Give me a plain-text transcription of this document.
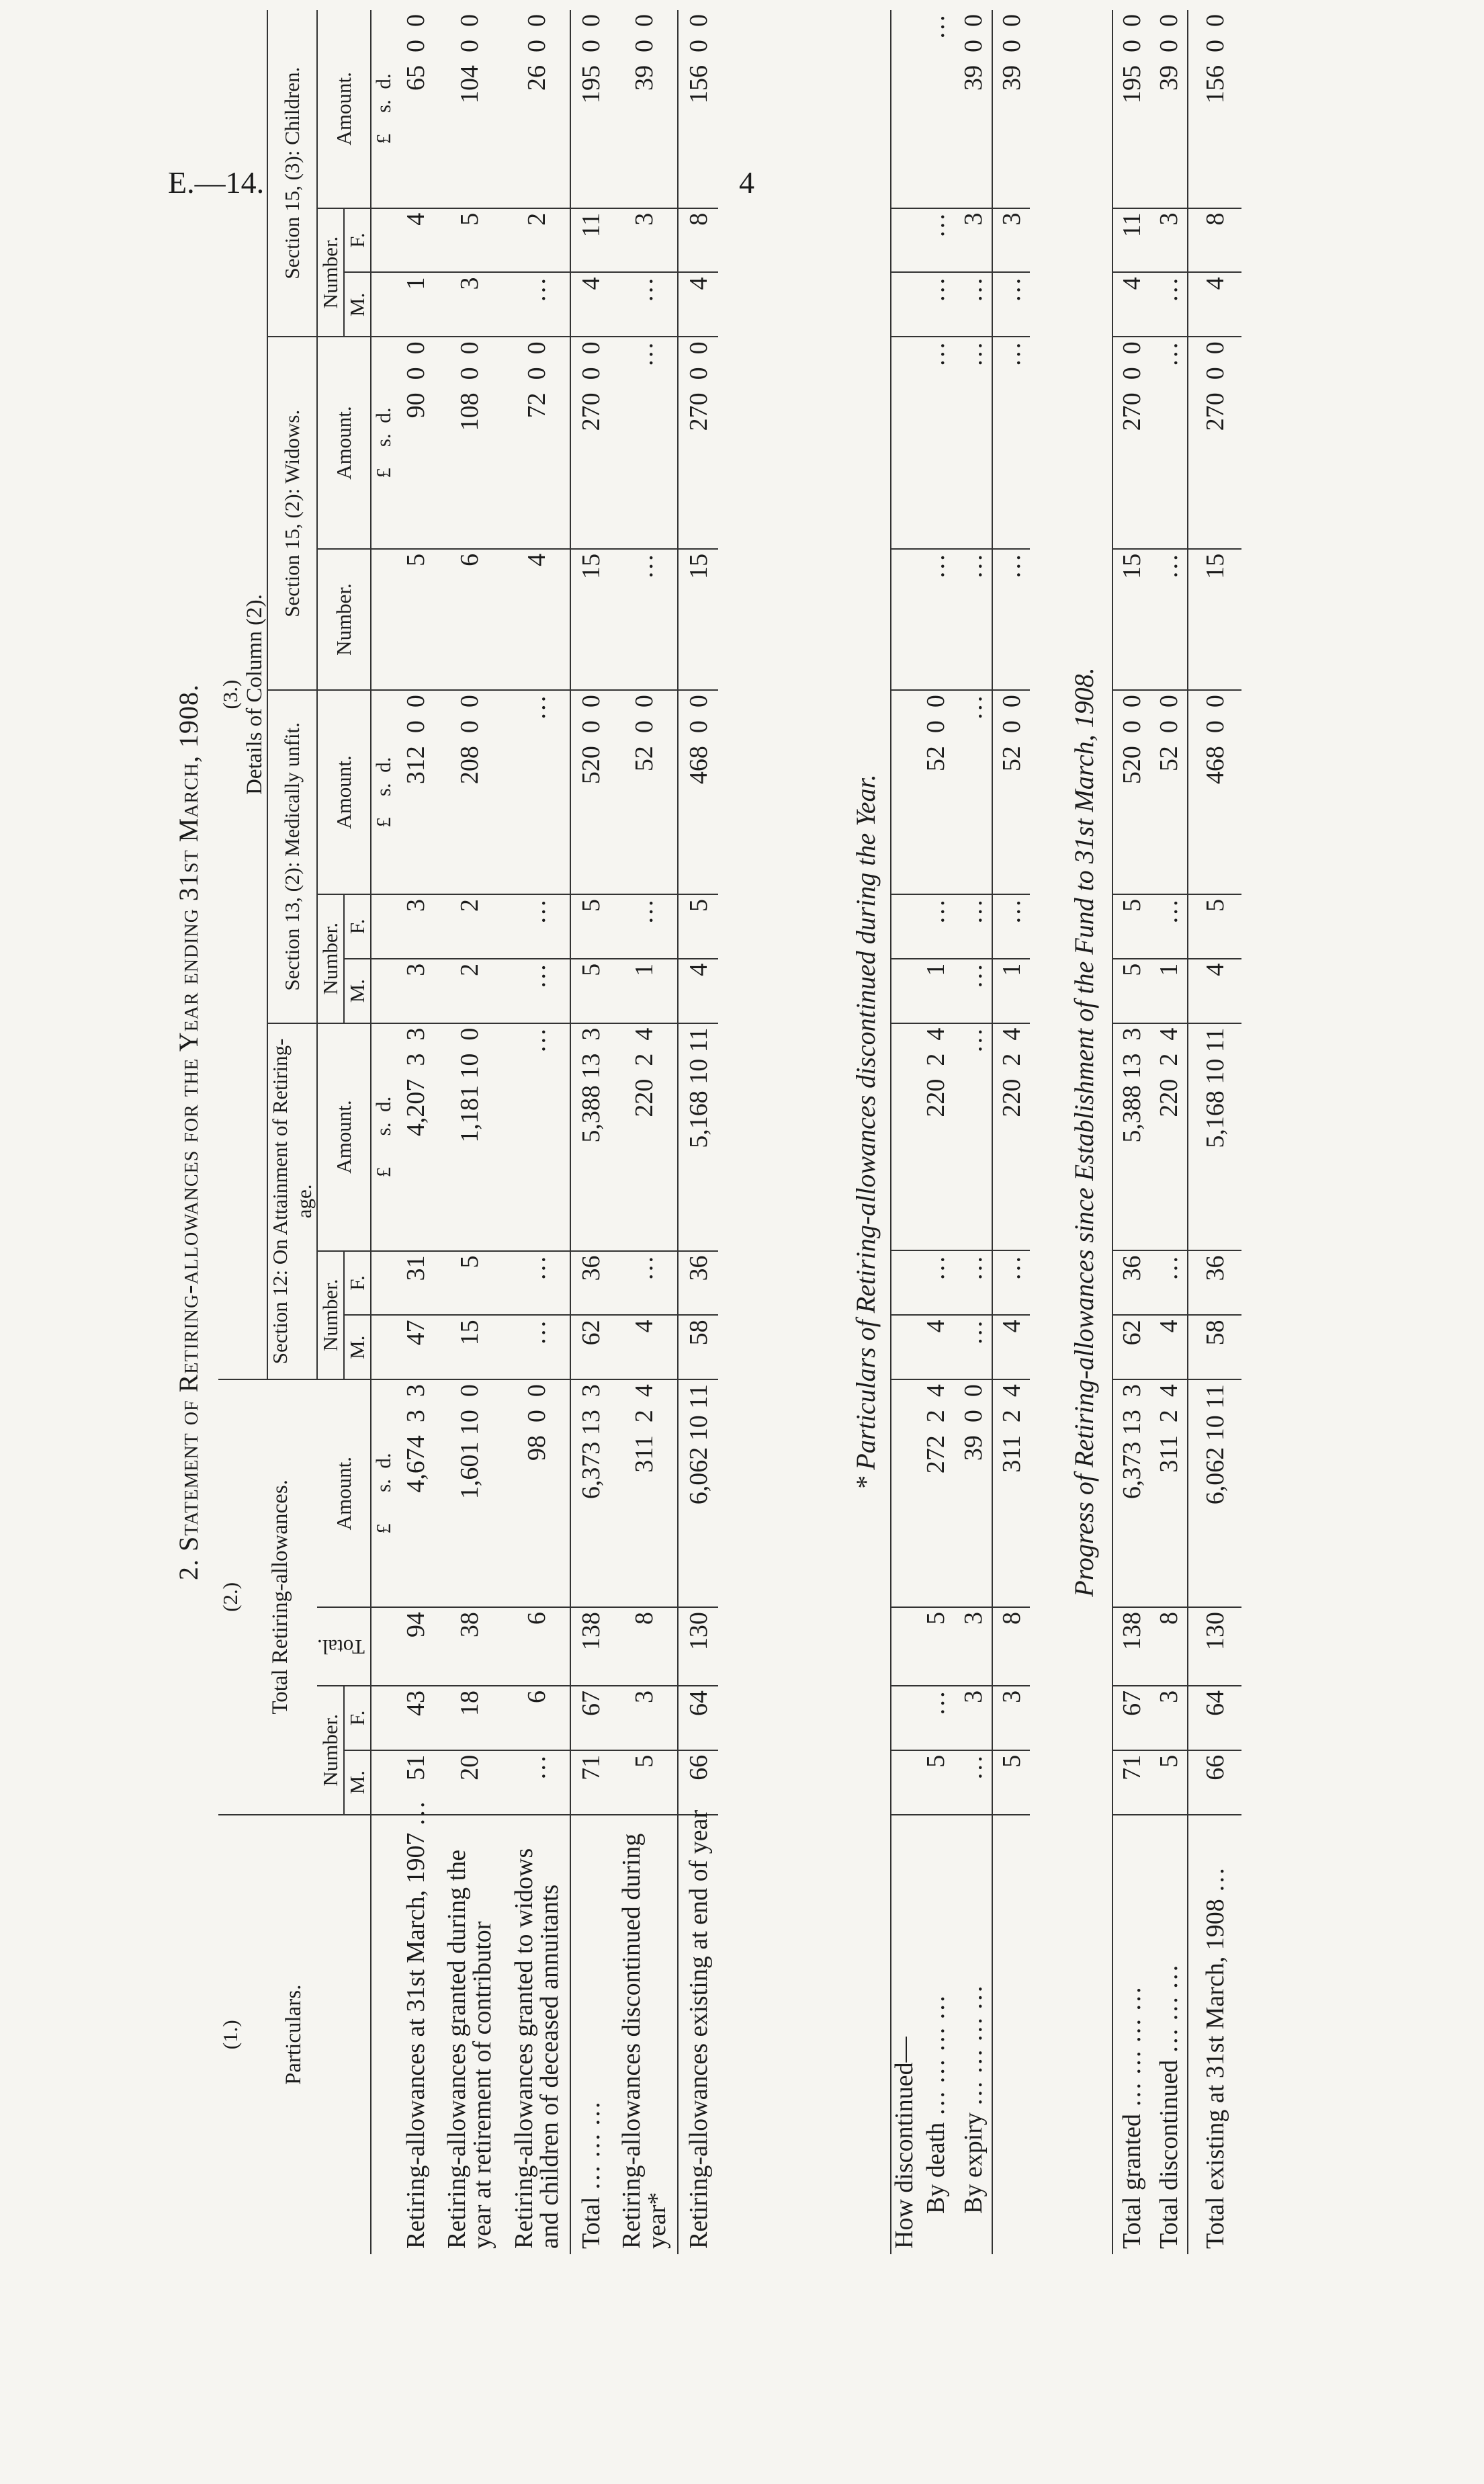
E.—14.	4
2. Statement of Retiring-allowances for the Year ending 31st March, 1908.
(1.)	(2.)				(3.)										
Particulars.	Total Retiring-allowances.				Details of Column (2).										
					Section 12: On Attainment of Retiring-age.			Section 13, (2): Medically unfit.			Section 15, (2): Widows.		Section 15, (3): Children.		
	Number.		Total.	Amount.	Number.		Amount.	Number.		Amount.	Number.	Amount.	Number.		Amount.
	M.	F.			M.	F.		M.	F.				M.	F.	
				£      s.  d.			£      s.  d.			£    s.  d.		£    s.  d.			£    s.  d.
Retiring-allowances at 31st March, 1907 …	51	43	94	4,674  3  3	47	31	4,207  3  3	3	3	312  0  0	5	90  0  0	1	4	65  0  0
Retiring-allowances granted during the year at retirement of contributor	20	18	38	1,601 10  0	15	5	1,181 10  0	2	2	208  0  0	6	108  0  0	3	5	104  0  0
Retiring-allowances granted to widows and children of deceased annuitants	…	6	6	98  0  0	…	…	…	…	…	…	4	72  0  0	…	2	26  0  0
Total … … …	71	67	138	6,373 13  3	62	36	5,388 13  3	5	5	520  0  0	15	270  0  0	4	11	195  0  0
Retiring-allowances discontinued during year*	5	3	8	311  2  4	4	…	220  2  4	1	…	52  0  0	…	…	…	3	39  0  0
Retiring-allowances existing at end of year	66	64	130	6,062 10 11	58	36	5,168 10 11	4	5	468  0  0	15	270  0  0	4	8	156  0  0
* Particulars of Retiring-allowances discontinued during the Year.
How discontinued—															
By death … … … …	5	…	5	272  2  4	4	…	220  2  4	1	…	52  0  0	…	…	…	…	…
By expiry … … … …	…	3	3	39  0  0	…	…	…	…	…	…	…	…	…	3	39  0  0
	5	3	8	311  2  4	4	…	220  2  4	1	…	52  0  0	…	…	…	3	39  0  0
Progress of Retiring-allowances since Establishment of the Fund to 31st March, 1908.
Total granted … … … …	71	67	138	6,373 13  3	62	36	5,388 13  3	5	5	520  0  0	15	270  0  0	4	11	195  0  0
Total discontinued … … …	5	3	8	311  2  4	4	…	220  2  4	1	…	52  0  0	…	…	…	3	39  0  0
Total existing at 31st March, 1908 …	66	64	130	6,062 10 11	58	36	5,168 10 11	4	5	468  0  0	15	270  0  0	4	8	156  0  0
